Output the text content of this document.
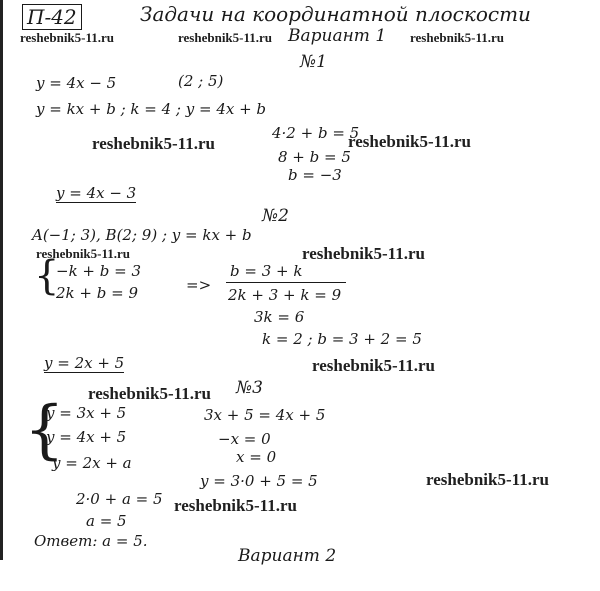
П-42	Задачи на координатной плоскости
reshebnik5-11.ru	reshebnik5-11.ru Вариант 1 reshebnik5-11.ru
№1
y = 4x − 5	(2 ; 5)
y = kx + b ; k = 4 ; y = 4x + b
4·2 + b = 5
reshebnik5-11.ru	reshebnik5-11.ru
8 + b = 5
b = −3
y = 4x − 3
№2
A(−1; 3), B(2; 9) ; y = kx + b
reshebnik5-11.ru	reshebnik5-11.ru
{
−k + b = 3
2k + b = 9	=>
b = 3 + k
2k + 3 + k = 9
3k = 6
k = 2 ; b = 3 + 2 = 5
y = 2x + 5	reshebnik5-11.ru
reshebnik5-11.ru №3
{
y = 3x + 5
y = 4x + 5
y = 2x + a
3x + 5 = 4x + 5
−x = 0
x = 0
y = 3·0 + 5 = 5	reshebnik5-11.ru
2·0 + a = 5 reshebnik5-11.ru
a = 5
Ответ: a = 5.
Вариант 2
